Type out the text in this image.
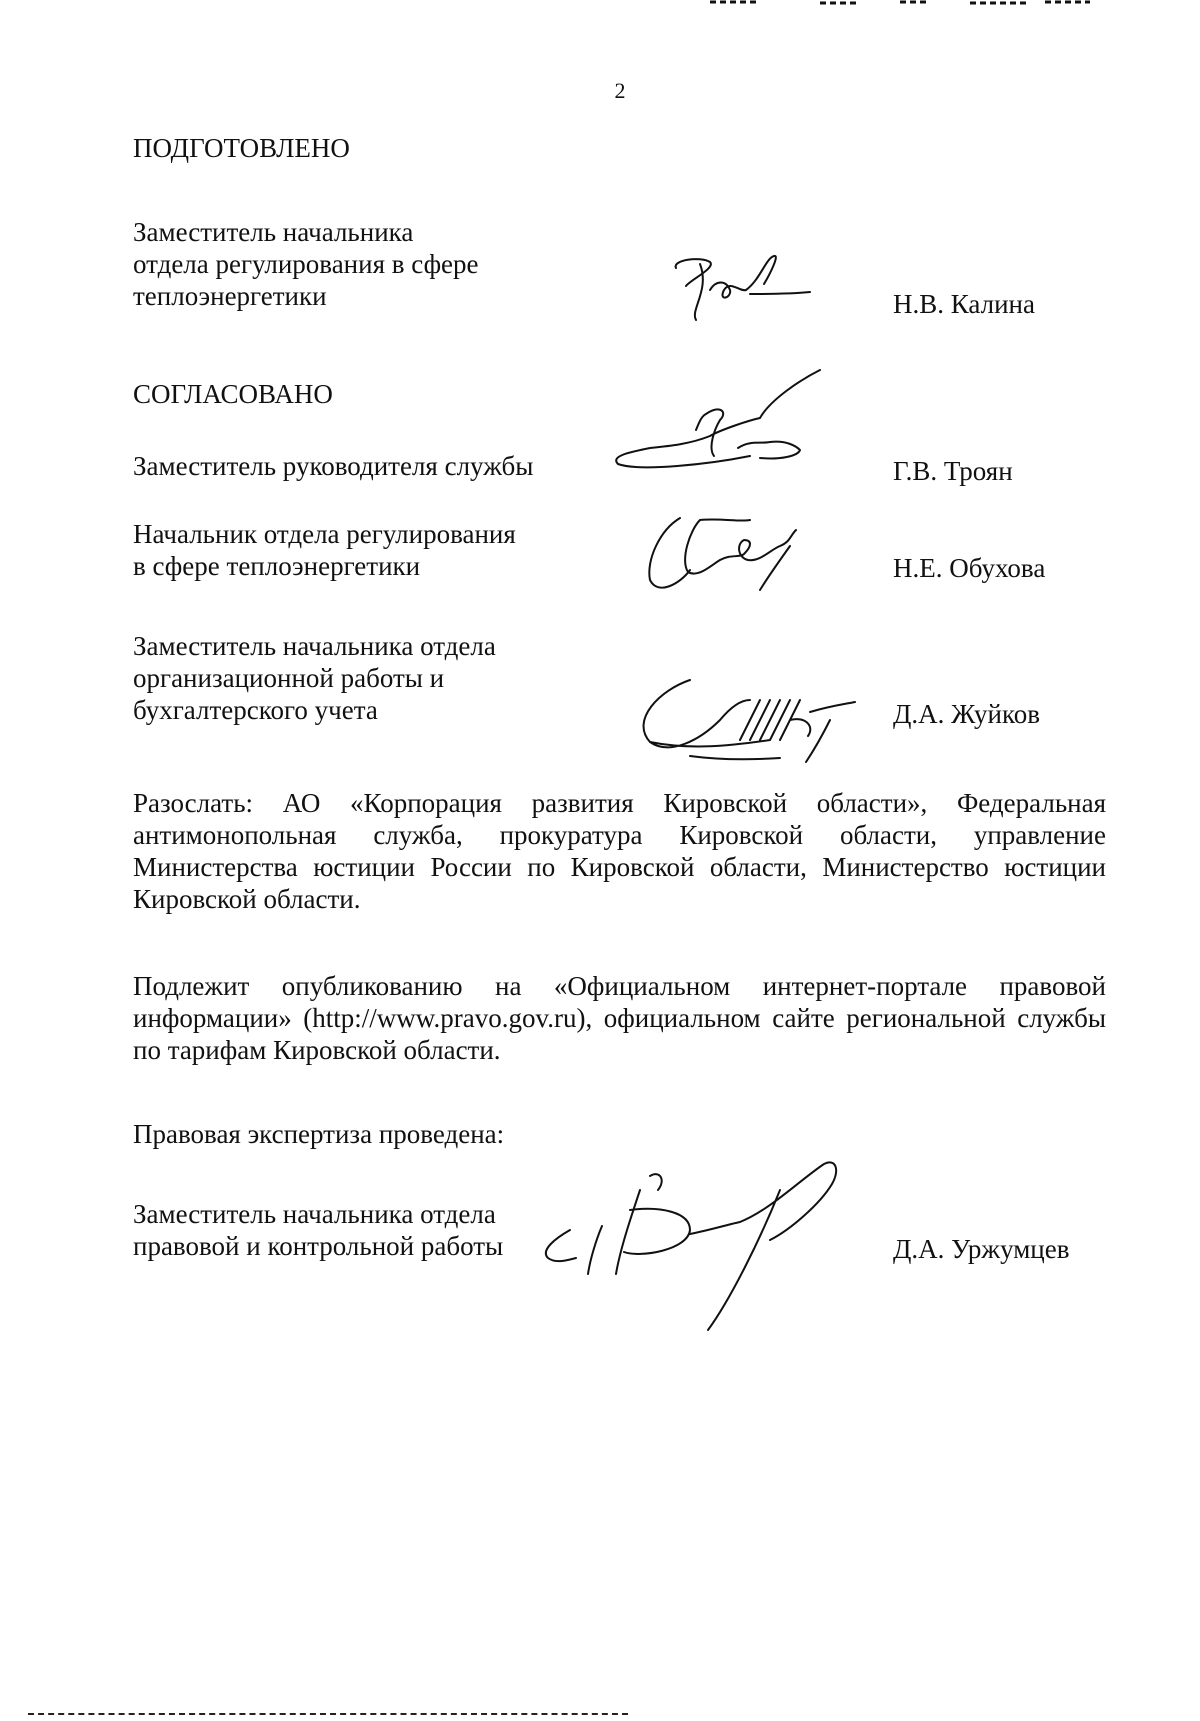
2
ПОДГОТОВЛЕНО
Заместитель начальника
отдела регулирования в сфере
теплоэнергетики	Н.В. Калина
СОГЛАСОВАНО
Заместитель руководителя службы	Г.В. Троян
Начальник отдела регулирования
в сфере теплоэнергетики	Н.Е. Обухова
Заместитель начальника отдела
организационной работы и
бухгалтерского учета	Д.А. Жуйков
Разослать: АО «Корпорация развития Кировской области», Федеральная антимонопольная служба, прокуратура Кировской области, управление Министерства юстиции России по Кировской области, Министерство юстиции Кировской области.
Подлежит опубликованию на «Официальном интернет-портале правовой информации» (http://www.pravo.gov.ru), официальном сайте региональной службы по тарифам Кировской области.
Правовая экспертиза проведена:
Заместитель начальника отдела
правовой и контрольной работы	Д.А. Уржумцев
